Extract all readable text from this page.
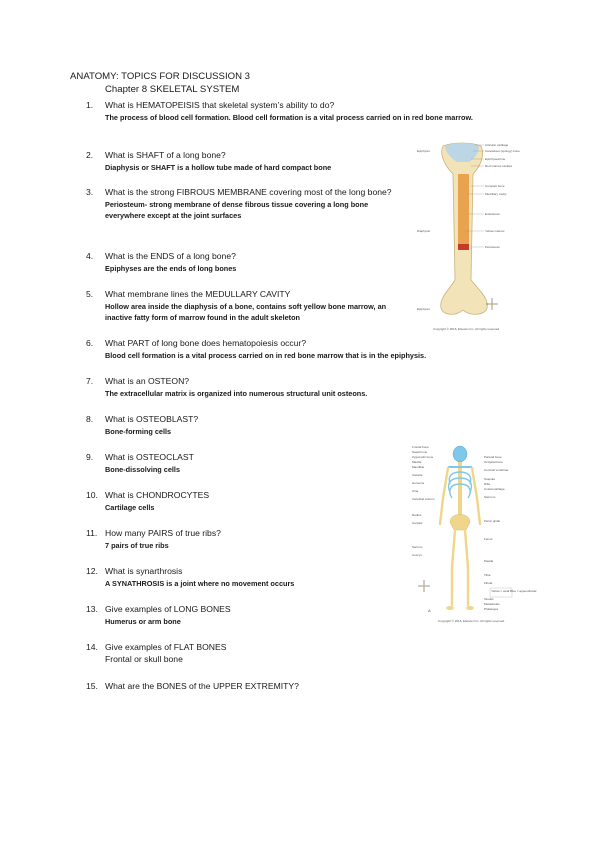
ANATOMY: TOPICS FOR DISCUSSION 3
Chapter 8 SKELETAL SYSTEM
1.	What is HEMATOPEISIS that skeletal system’s ability to do?
The process of blood cell formation. Blood cell formation is a vital process carried on in red bone marrow.
2.	What is SHAFT of a long bone?
Diaphysis or SHAFT is a hollow tube made of hard compact bone
3.	What is the strong FIBROUS MEMBRANE covering most of the long bone?
Periosteum- strong membrane of dense fibrous tissue covering a long bone everywhere except at the joint surfaces
4.	What is the ENDS of a long bone?
Epiphyses are the ends of long bones
5.	What membrane lines the MEDULLARY CAVITY
Hollow area inside the diaphysis of a bone, contains soft yellow bone marrow, an inactive fatty form of marrow found in the adult skeleton
6.	What PART of long bone does hematopoiesis occur?
Blood cell formation is a vital process carried on in red bone marrow that is in the epiphysis.
7.	What is an OSTEON?
The extracellular matrix is organized into numerous structural unit osteons.
8.	What is OSTEOBLAST?
Bone-forming cells
9.	What is OSTEOCLAST
Bone-dissolving cells
10. What is CHONDROCYTES
Cartilage cells
11. How many PAIRS of true ribs?
7 pairs of true ribs
12. What is synarthrosis
A SYNATHROSIS is a joint where no movement occurs
13. Give examples of LONG BONES
Humerus or arm bone
14. Give examples of FLAT BONES
Frontal or skull bone
15. What are the BONES of the UPPER EXTREMITY?
Epiphysis
Diaphysis
Epiphysis
Articular cartilage
Cancellous (spongy) bone
Epiphyseal line
Red marrow cavities
Compact bone
Medullary cavity
Endosteum
Yellow marrow
Periosteum
Copyright © 2016, Elsevier Inc. All rights reserved.
Frontal bone
Nasal bone
Zygomatic bone
Maxilla
Mandible
Clavicle
Humerus
Ulna
Vertebral column
Radius
Carpals
Sacrum
Coccyx
Parietal bone
Occipital bone
Cervical vertebrae
Scapula
Ribs
Costal cartilage
Sternum
Pelvic girdle
Femur
Patella
Tibia
Fibula
Tarsals
Metatarsals
Phalanges
Yellow = axial Blue = appendicular
A
Copyright © 2016, Elsevier Inc. All rights reserved.
